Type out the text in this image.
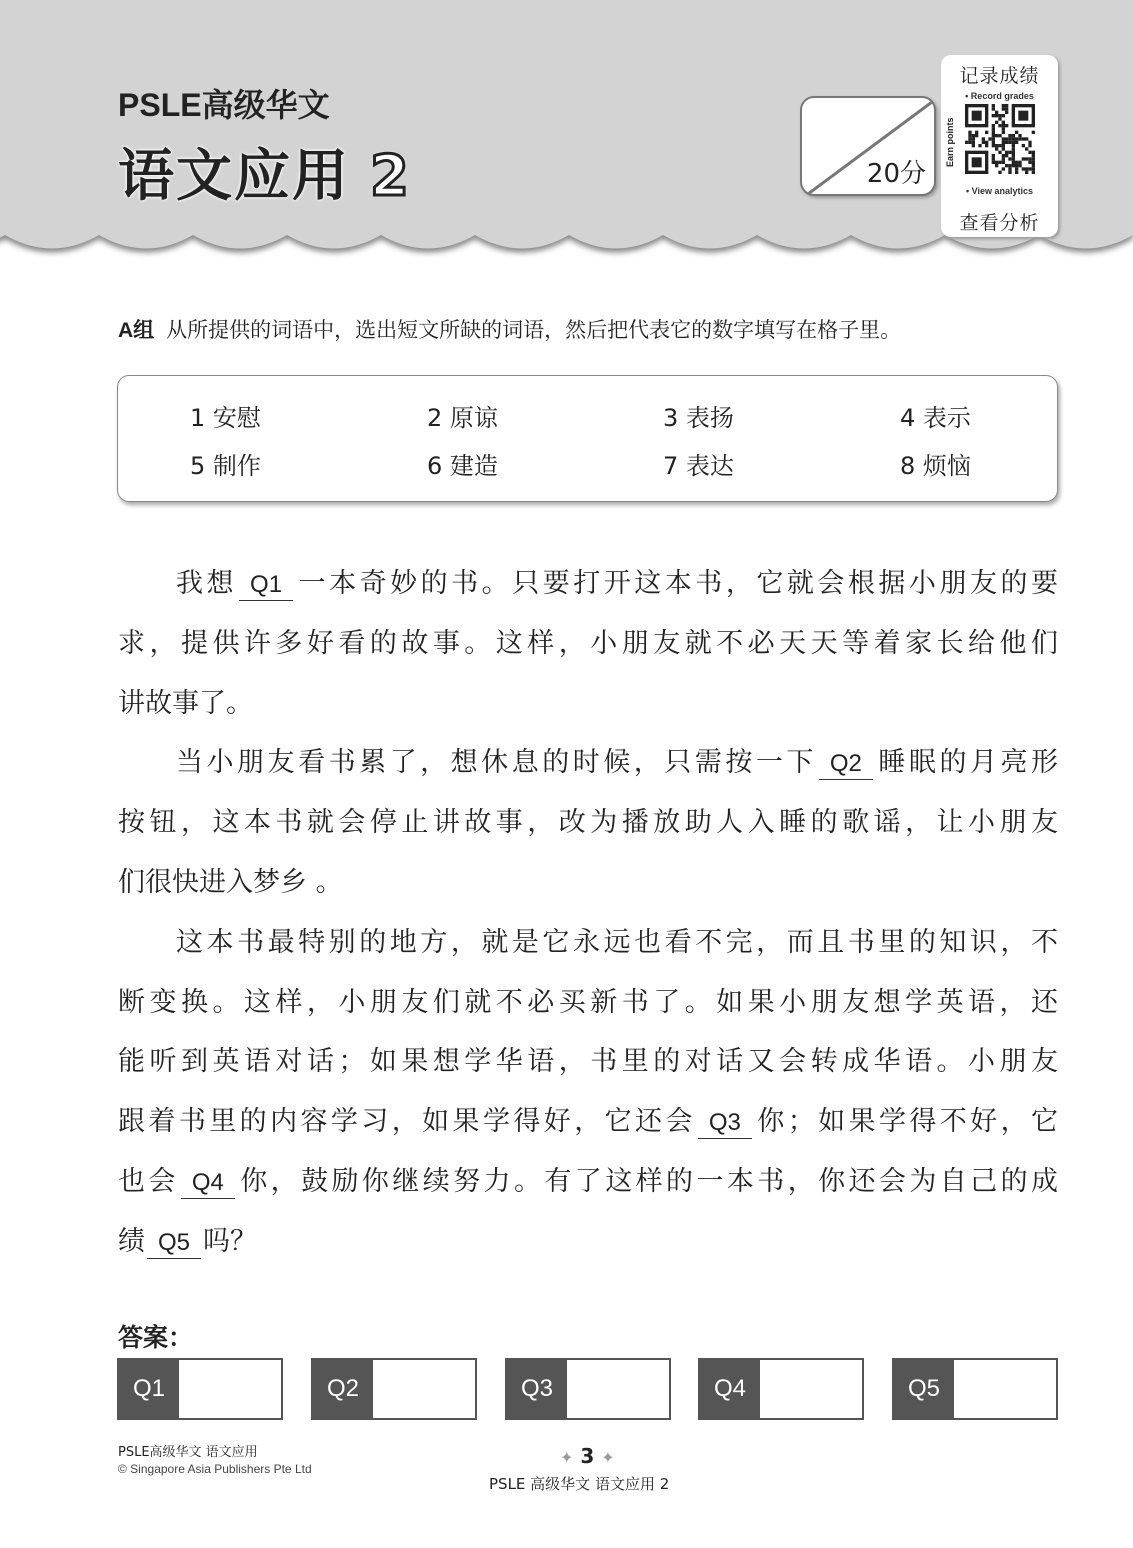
PSLE高级华文
语文应用 2	20分
记录成绩
• Record grades
Earn points
• View analytics
查看分析
A组 从所提供的词语中，选出短文所缺的词语，然后把代表它的数字填写在格子里。
1 安慰	2 原谅	3 表扬	4 表示
5 制作	6 建造	7 表达	8 烦恼
我想 Q1 一本奇妙的书。只要打开这本书，它就会根据小朋友的要
求，提供许多好看的故事。这样，小朋友就不必天天等着家长给他们
讲故事了。
当小朋友看书累了，想休息的时候，只需按一下 Q2 睡眠的月亮形
按钮，这本书就会停止讲故事，改为播放助人入睡的歌谣，让小朋友
们很快进入梦乡 。
这本书最特别的地方，就是它永远也看不完，而且书里的知识，不
断变换。这样，小朋友们就不必买新书了。如果小朋友想学英语，还
能听到英语对话；如果想学华语，书里的对话又会转成华语。小朋友
跟着书里的内容学习，如果学得好，它还会 Q3 你；如果学得不好，它
也会 Q4 你，鼓励你继续努力。有了这样的一本书，你还会为自己的成
绩 Q5 吗？
答案：
Q1	Q2	Q3	Q4	Q5
PSLE高级华文 语文应用
© Singapore Asia Publishers Pte Ltd
✦ 3 ✦
PSLE 高级华文 语文应用 2
